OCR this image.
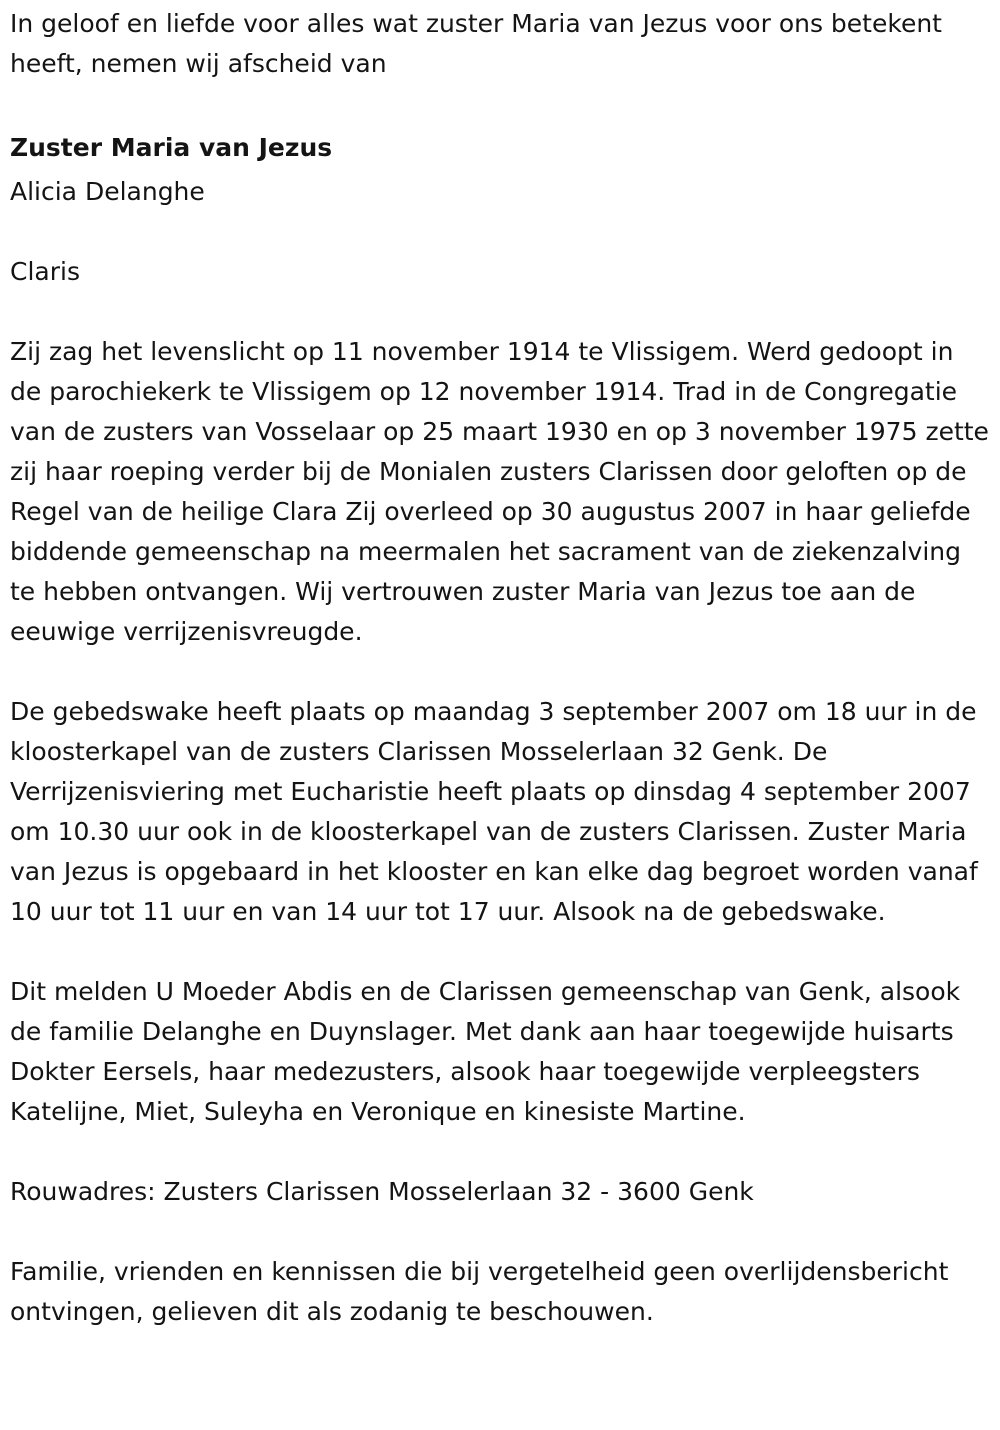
In geloof en liefde voor alles wat zuster Maria van Jezus voor ons betekent heeft, nemen wij afscheid van

Zuster Maria van Jezus

Alicia Delanghe

Claris

Zij zag het levenslicht op 11 november 1914 te Vlissigem. Werd gedoopt in de parochiekerk te Vlissigem op 12 november 1914. Trad in de Congregatie van de zusters van Vosselaar op 25 maart 1930 en op 3 november 1975 zette zij haar roeping verder bij de Monialen zusters Clarissen door geloften op de Regel van de heilige Clara Zij overleed op 30 augustus 2007 in haar geliefde biddende gemeenschap na meermalen het sacrament van de ziekenzalving te hebben ontvangen. Wij vertrouwen zuster Maria van Jezus toe aan de eeuwige verrijzenisvreugde.

De gebedswake heeft plaats op maandag 3 september 2007 om 18 uur in de kloosterkapel van de zusters Clarissen Mosselerlaan 32 Genk. De Verrijzenisviering met Eucharistie heeft plaats op dinsdag 4 september 2007 om 10.30 uur ook in de kloosterkapel van de zusters Clarissen. Zuster Maria van Jezus is opgebaard in het klooster en kan elke dag begroet worden vanaf 10 uur tot 11 uur en van 14 uur tot 17 uur. Alsook na de gebedswake.

Dit melden U Moeder Abdis en de Clarissen gemeenschap van Genk, alsook de familie Delanghe en Duynslager. Met dank aan haar toegewijde huisarts Dokter Eersels, haar medezusters, alsook haar toegewijde verpleegsters Katelijne, Miet, Suleyha en Veronique en kinesiste Martine.

Rouwadres: Zusters Clarissen Mosselerlaan 32 - 3600 Genk

Familie, vrienden en kennissen die bij vergetelheid geen overlijdensbericht ontvingen, gelieven dit als zodanig te beschouwen.
